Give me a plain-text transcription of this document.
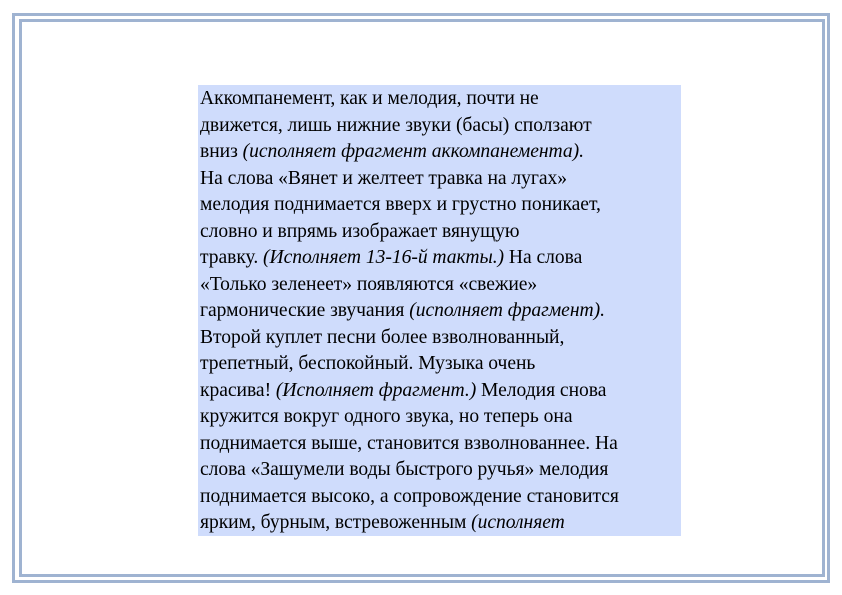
Аккомпанемент, как и мелодия, почти не
движется, лишь нижние звуки (басы) сползают
вниз (исполняет фрагмент аккомпанемента).
На слова «Вянет и желтеет травка на лугах»
мелодия поднимается вверх и грустно поникает,
словно и впрямь изображает вянущую
травку. (Исполняет 13-16-й такты.) На слова
«Только зеленеет» появляются «свежие»
гармонические звучания (исполняет фрагмент).
Второй куплет песни более взволнованный,
трепетный, беспокойный. Музыка очень
красива! (Исполняет фрагмент.) Мелодия снова
кружится вокруг одного звука, но теперь она
поднимается выше, становится взволнованнее. На
слова «Зашумели воды быстрого ручья» мелодия
поднимается высоко, а сопровождение становится
ярким, бурным, встревоженным (исполняет
